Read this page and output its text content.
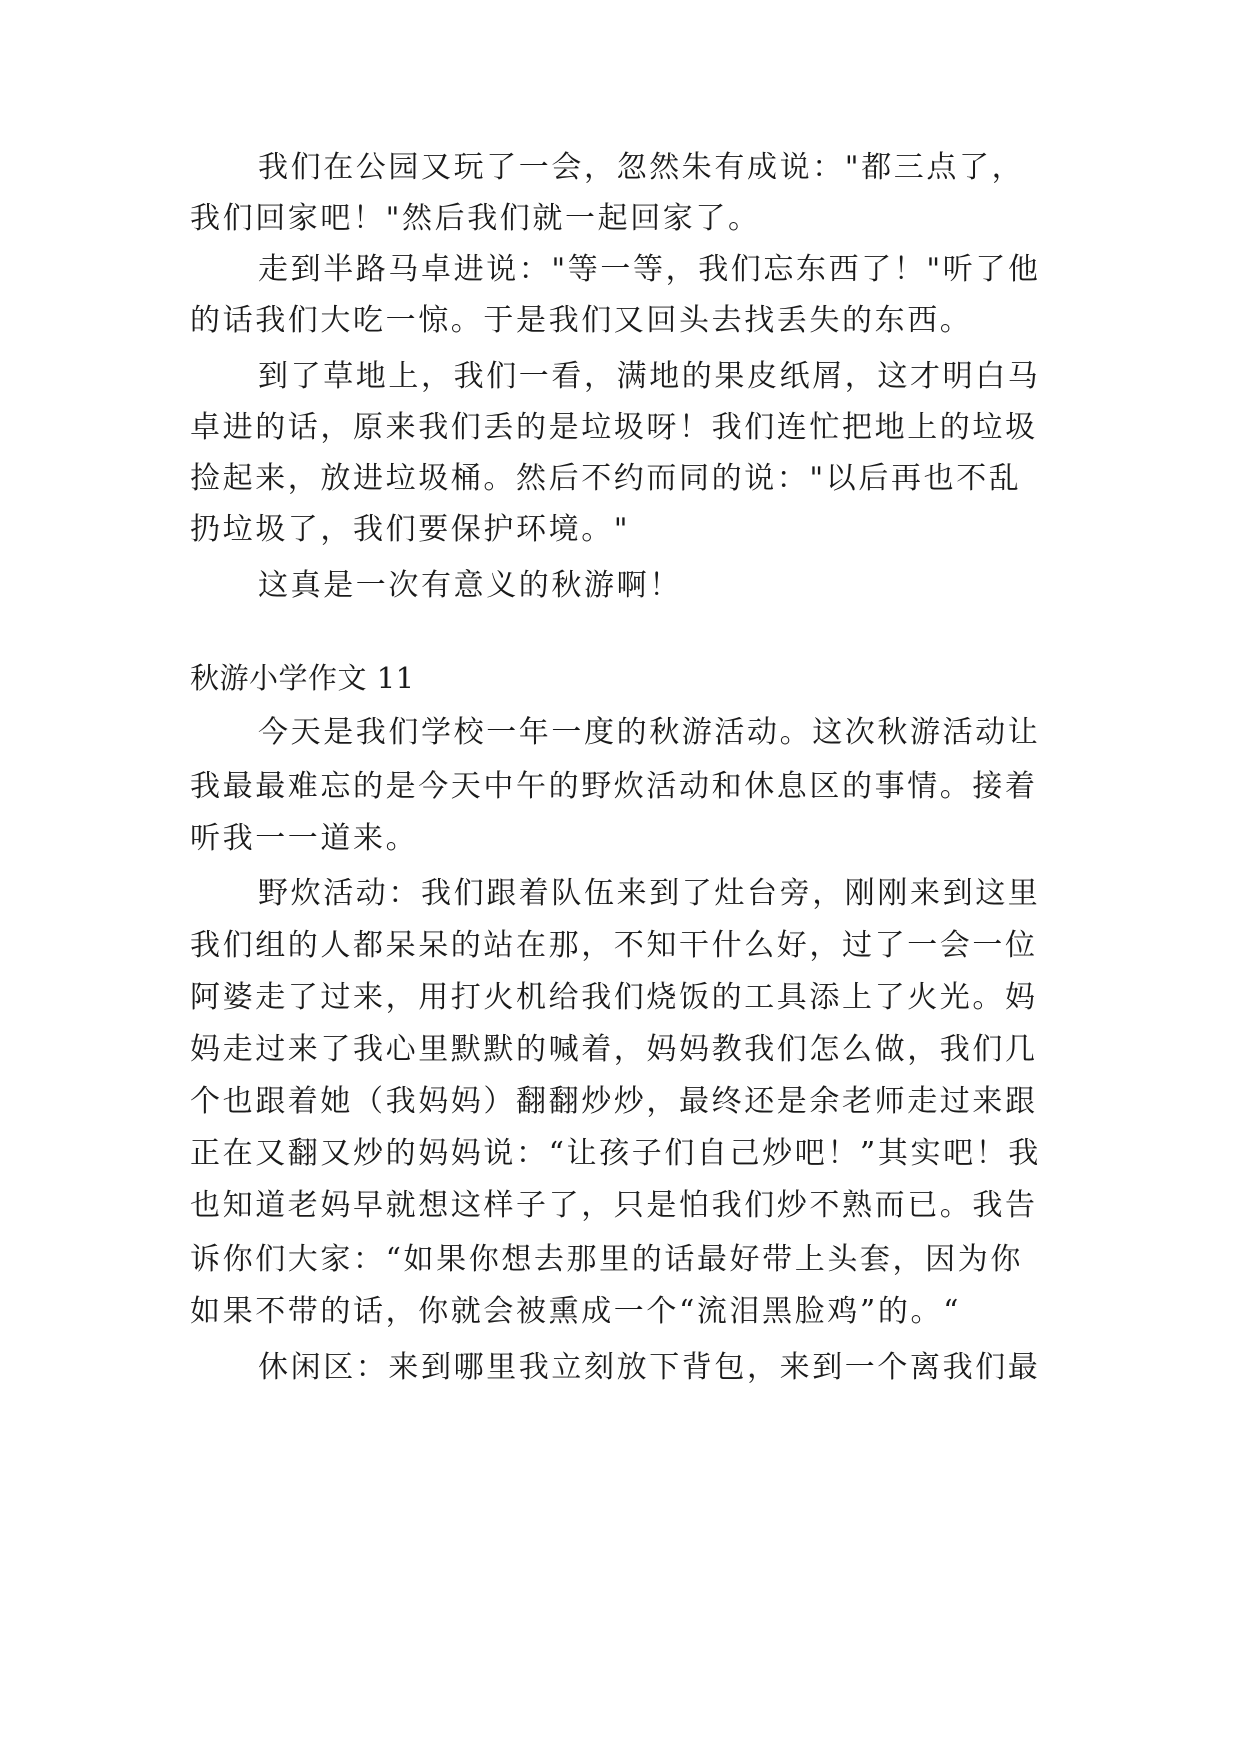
我们在公园又玩了一会，忽然朱有成说："都三点了，
我们回家吧！"然后我们就一起回家了。
走到半路马卓进说："等一等，我们忘东西了！"听了他
的话我们大吃一惊。于是我们又回头去找丢失的东西。
到了草地上，我们一看，满地的果皮纸屑，这才明白马
卓进的话，原来我们丢的是垃圾呀！我们连忙把地上的垃圾
捡起来，放进垃圾桶。然后不约而同的说："以后再也不乱
扔垃圾了，我们要保护环境。"
这真是一次有意义的秋游啊！
秋游小学作文 11
今天是我们学校一年一度的秋游活动。这次秋游活动让
我最最难忘的是今天中午的野炊活动和休息区的事情。接着
听我一一道来。
野炊活动：我们跟着队伍来到了灶台旁，刚刚来到这里
我们组的人都呆呆的站在那，不知干什么好，过了一会一位
阿婆走了过来，用打火机给我们烧饭的工具添上了火光。妈
妈走过来了我心里默默的喊着，妈妈教我们怎么做，我们几
个也跟着她（我妈妈）翻翻炒炒，最终还是余老师走过来跟
正在又翻又炒的妈妈说：“让孩子们自己炒吧！”其实吧！我
也知道老妈早就想这样子了，只是怕我们炒不熟而已。我告
诉你们大家：“如果你想去那里的话最好带上头套，因为你
如果不带的话，你就会被熏成一个“流泪黑脸鸡”的。“
休闲区：来到哪里我立刻放下背包，来到一个离我们最
